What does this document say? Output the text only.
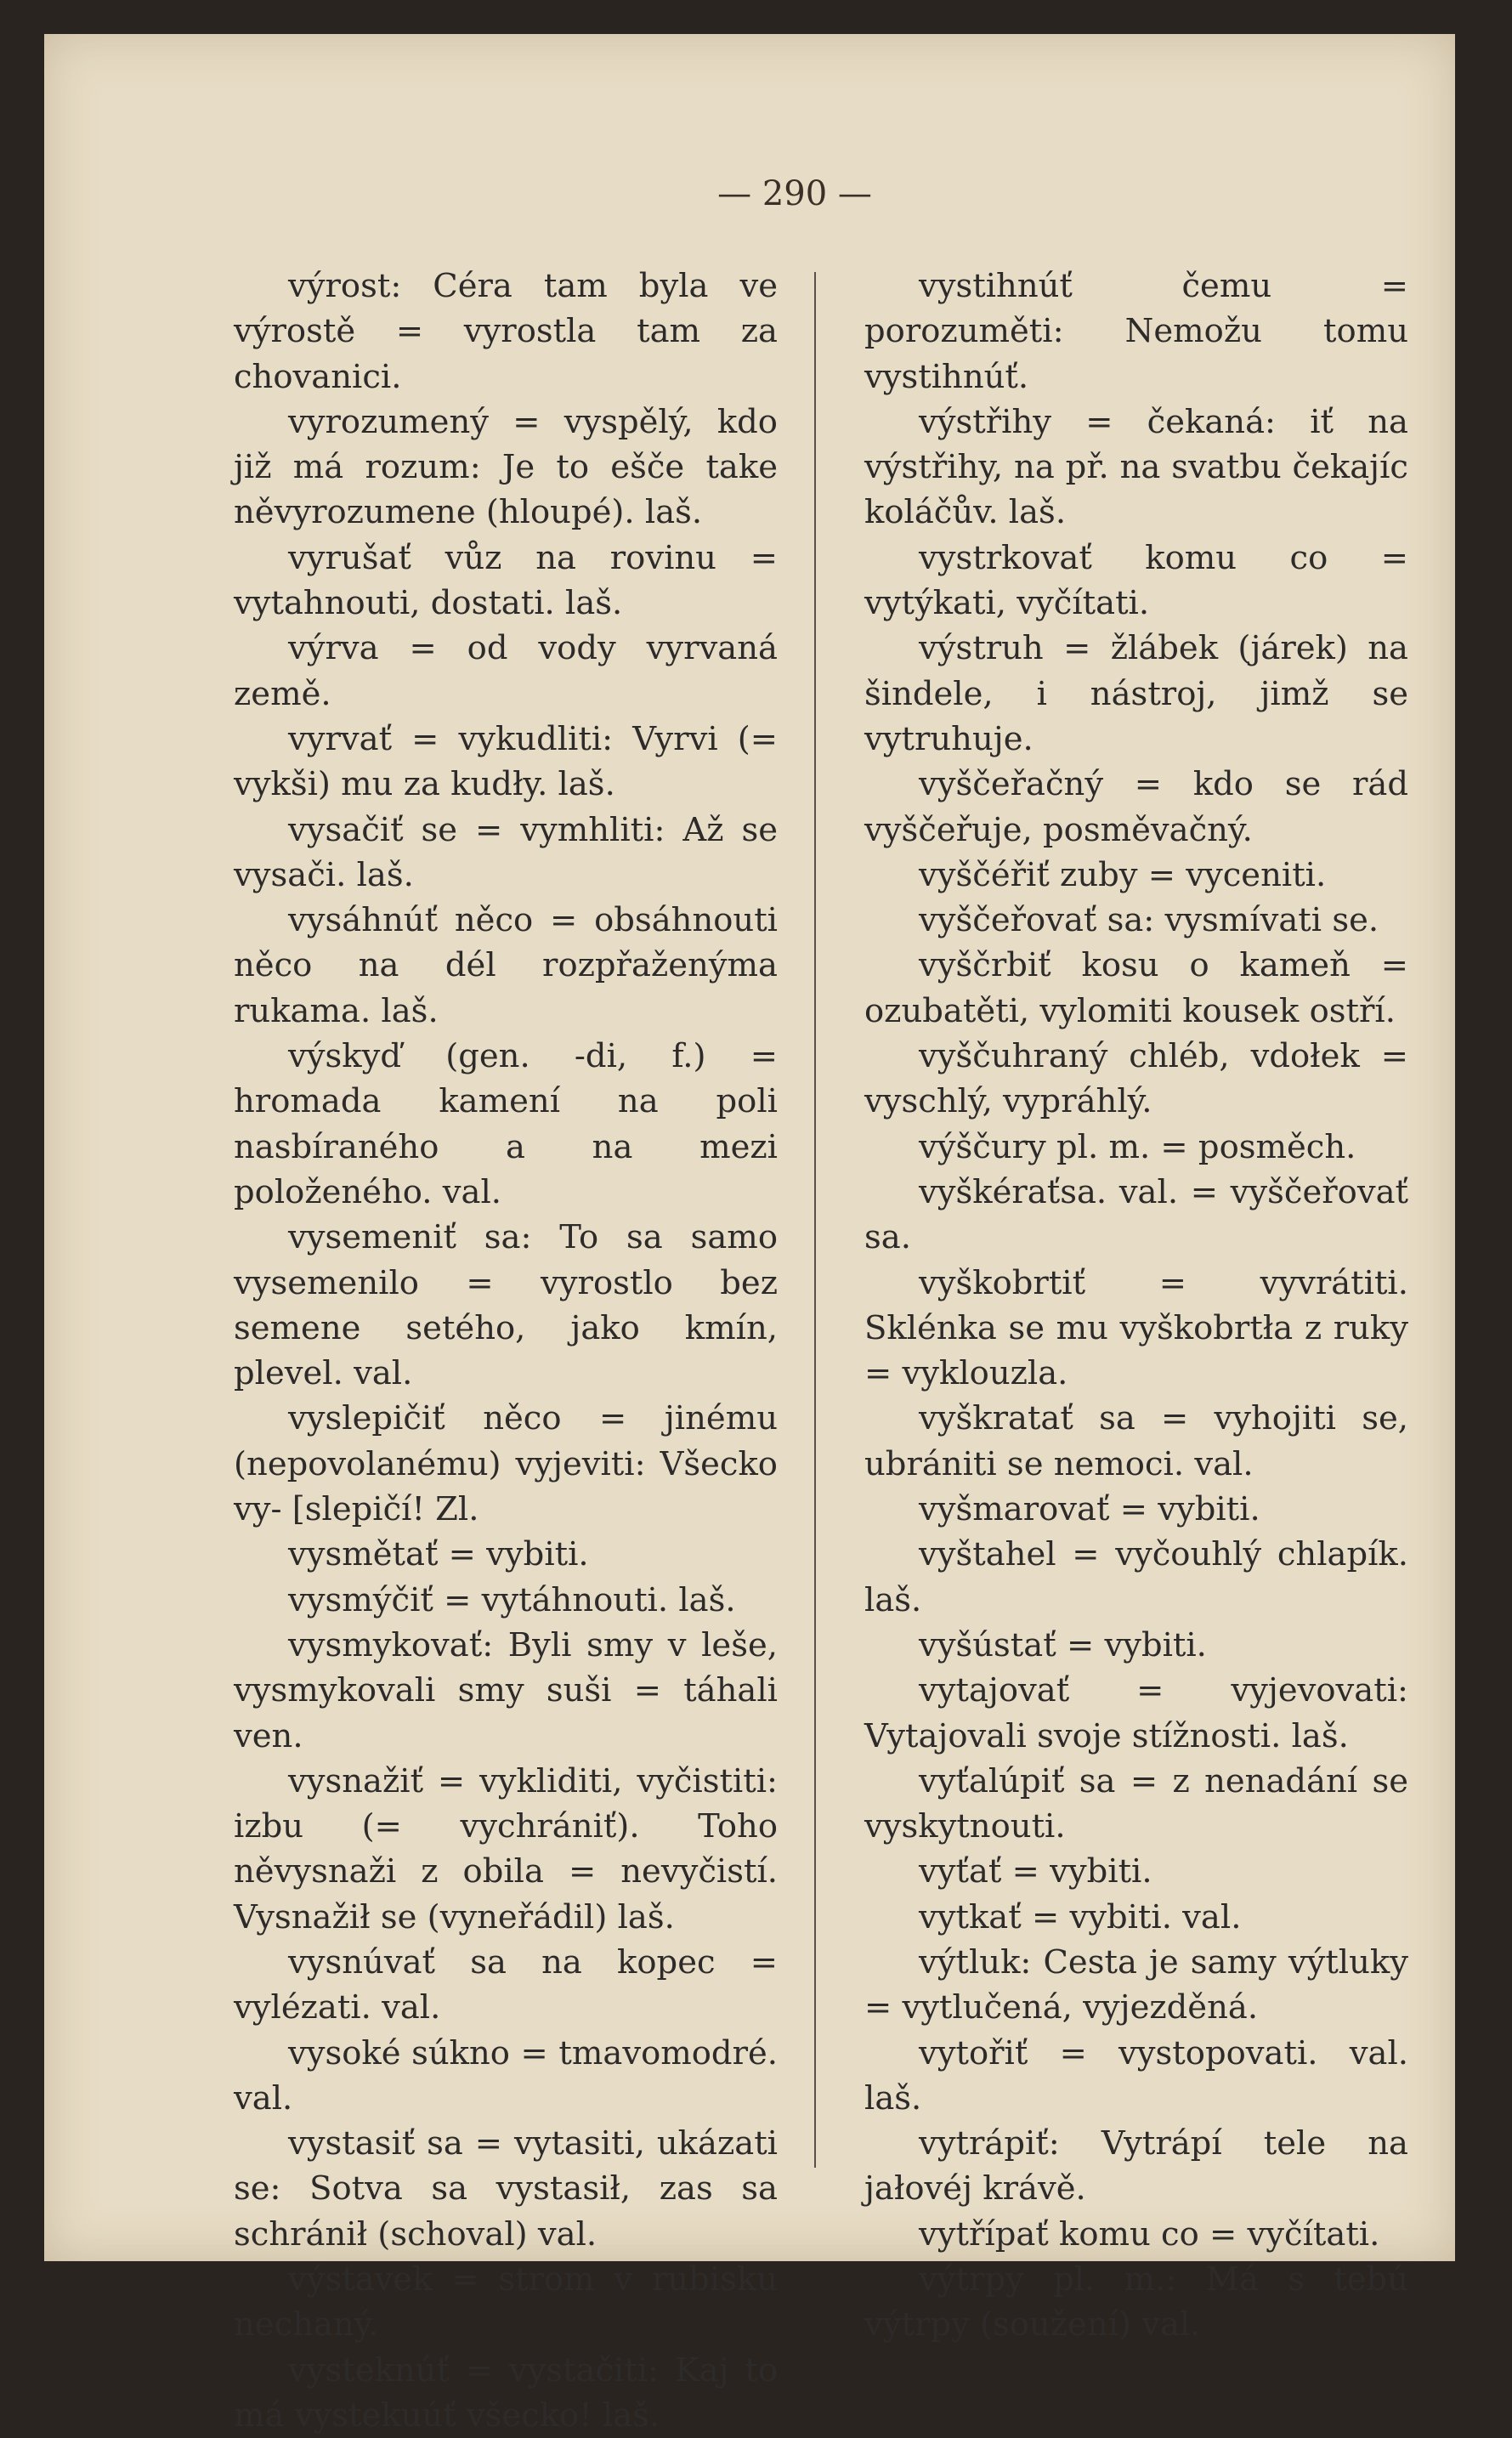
— 290 —

výrost: Céra tam byla ve výrostě = vyrostla tam za chovanici.

vyrozumený = vyspělý, kdo již má rozum: Je to ešče take něvyrozumene (hloupé). laš.

vyrušať vůz na rovinu = vytahnouti, dostati. laš.

výrva = od vody vyrvaná země.

vyrvať = vykudliti: Vyrvi (= vykši) mu za kudły. laš.

vysačiť se = vymhliti: Až se vysači. laš.

vysáhnúť něco = obsáhnouti něco na dél rozpřaženýma rukama. laš.

výskyď (gen. -di, f.) = hromada kamení na poli nasbíraného a na mezi položeného. val.

vysemeniť sa: To sa samo vysemenilo = vyrostlo bez semene setého, jako kmín, plevel. val.

vyslepičiť něco = jinému (nepovolanému) vyjeviti: Všecko vy- [slepičí! Zl.

vysmětať = vybiti.

vysmýčiť = vytáhnouti. laš.

vysmykovať: Byli smy v leše, vysmykovali smy suši = táhali ven.

vysnažiť = vykliditi, vyčistiti: izbu (= vychrániť). Toho něvysnaži z obila = nevyčistí. Vysnažił se (vyneřádil) laš.

vysnúvať sa na kopec = vylézati. val.

vysoké súkno = tmavomodré. val.

vystasiť sa = vytasiti, ukázati se: Sotva sa vystasił, zas sa schránił (schoval) val.

výstavek = strom v rubisku nechaný.

vysteknúť = vystačiti: Kaj to má vystekuúť všecko! laš.

vystihnúť čemu = porozuměti: Nemožu tomu vystihnúť.

výstřihy = čekaná: iť na výstřihy, na př. na svatbu čekajíc koláčův. laš.

vystrkovať komu co = vytýkati, vyčítati.

výstruh = žlábek (járek) na šindele, i nástroj, jimž se vytruhuje.

vyščeřačný = kdo se rád vyščeřuje, posměvačný.

vyščéřiť zuby = vyceniti.

vyščeřovať sa: vysmívati se.

vyščrbiť kosu o kameň = ozubatěti, vylomiti kousek ostří.

vyščuhraný chléb, vdołek = vyschlý, vypráhlý.

výščury pl. m. = posměch.

vyškéraťsa. val. = vyščeřovať sa.

vyškobrtiť = vyvrátiti. Sklénka se mu vyškobrtła z ruky = vyklouzla.

vyškratať sa = vyhojiti se, ubrániti se nemoci. val.

vyšmarovať = vybiti.

vyštahel = vyčouhlý chlapík. laš.

vyšústať = vybiti.

vytajovať = vyjevovati: Vytajovali svoje stížnosti. laš.

vyťalúpiť sa = z nenadání se vyskytnouti.

vyťať = vybiti.

vytkať = vybiti. val.

výtluk: Cesta je samy výtluky = vytlučená, vyjezděná.

vytořiť = vystopovati. val. laš.

vytrápiť: Vytrápí tele na jałovéj krávě.

vytřípať komu co = vyčítati.

výtrpy pl. m.: Má s tebú výtrpy (soužení) val.
